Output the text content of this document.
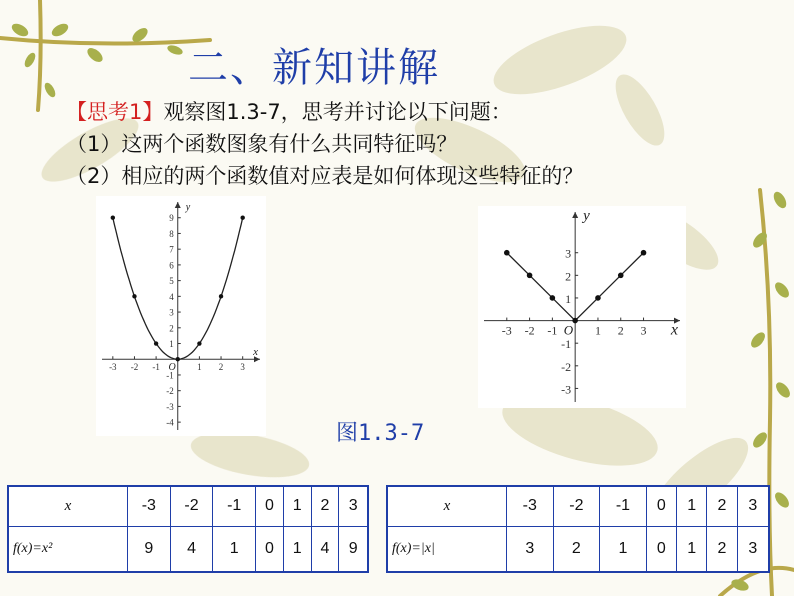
二、新知讲解
【思考1】观察图1.3-7，思考并讨论以下问题：
（1）这两个函数图象有什么共同特征吗？
（2）相应的两个函数值对应表是如何体现这些特征的？
x
y
O
-3 -2 -1	1 2 3
9
8
7
6
5
4
3
2
1
-1
-2
-3
-4
x
y
O
-3 -2 -1	1 2 3
3
2
1
-1
-2
-3
图1.3-7
x	-3	-2	-1	0	1	2	3
f(x)=x²	9	4	1	0	1	4	9
x	-3	-2	-1	0	1	2	3
f(x)=|x|	3	2	1	0	1	2	3
